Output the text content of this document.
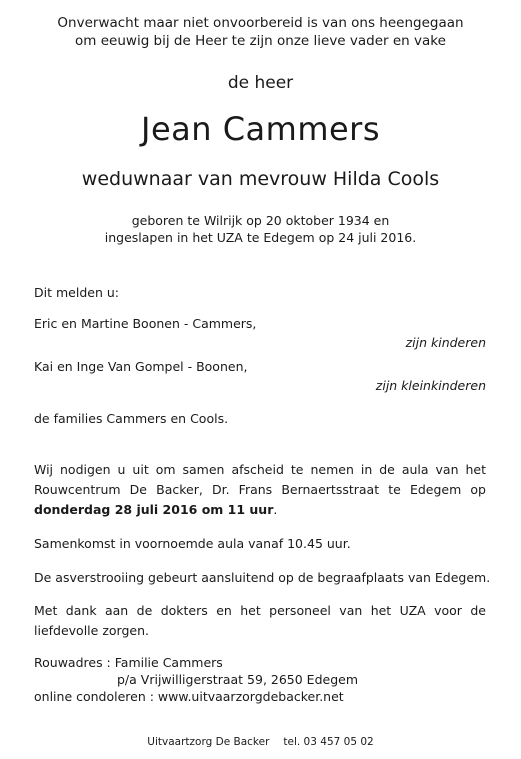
Onverwacht maar niet onvoorbereid is van ons heengegaan
om eeuwig bij de Heer te zijn onze lieve vader en vake
de heer
Jean Cammers
weduwnaar van mevrouw Hilda Cools
geboren te Wilrijk op 20 oktober 1934 en
ingeslapen in het UZA te Edegem op 24 juli 2016.
Dit melden u:
Eric en Martine Boonen - Cammers,
zijn kinderen
Kai en Inge Van Gompel - Boonen,
zijn kleinkinderen
de families Cammers en Cools.
Wij nodigen u uit om samen afscheid te nemen in de aula van het
Rouwcentrum De Backer, Dr. Frans Bernaertsstraat te Edegem op
donderdag 28 juli 2016 om 11 uur.
Samenkomst in voornoemde aula vanaf 10.45 uur.
De asverstrooiing gebeurt aansluitend op de begraafplaats van Edegem.
Met dank aan de dokters en het personeel van het UZA voor de
liefdevolle zorgen.
Rouwadres : Familie Cammers
p/a Vrijwilligerstraat 59, 2650 Edegem
online condoleren : www.uitvaarzorgdebacker.net
Uitvaartzorg De Backer tel. 03 457 05 02
